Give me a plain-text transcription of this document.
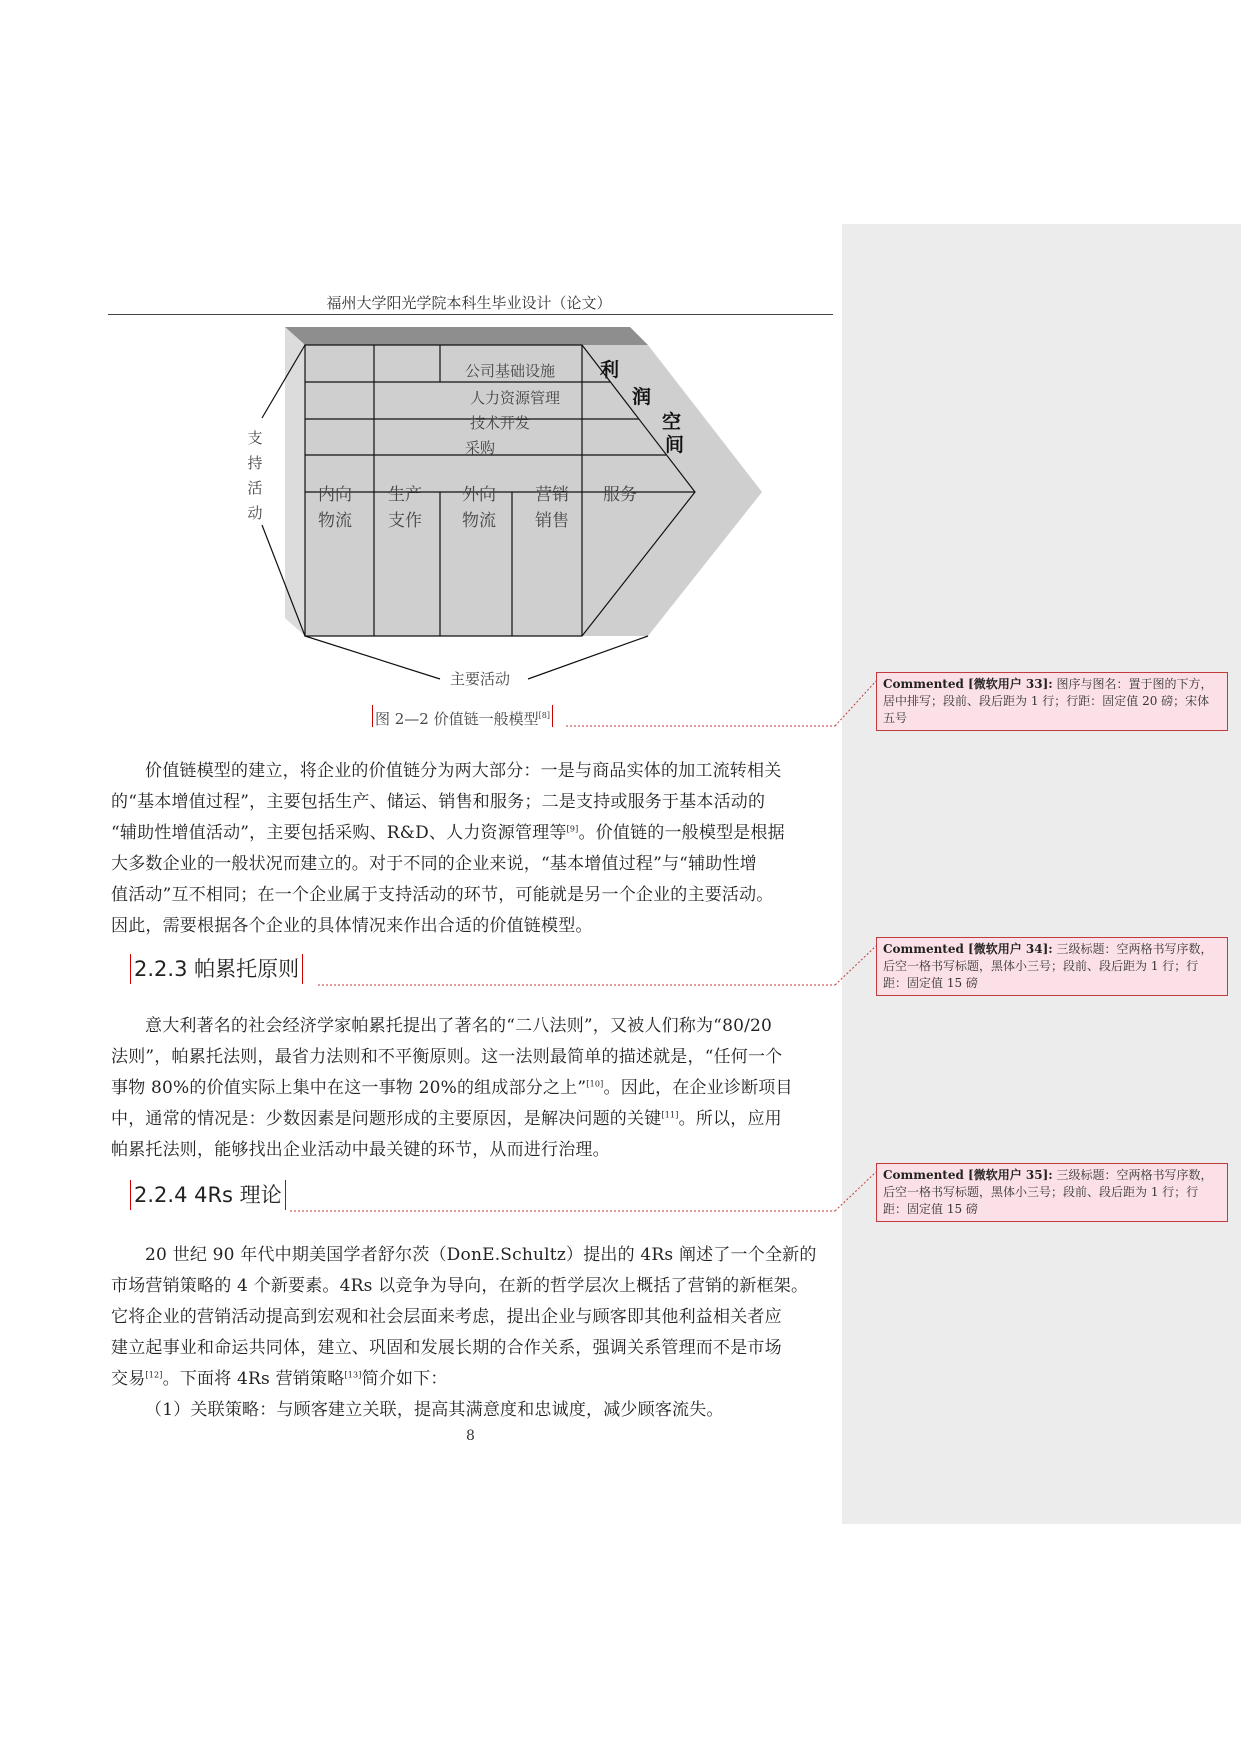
福州大学阳光学院本科生毕业设计（论文）
支
持
活
动
主要活动
公司基础设施
人力资源管理
技术开发
采购
内向
物流
生产
支作
外向
物流
营销
销售
服务
利
润
空
间
图 2—2 价值链一般模型[8]
价值链模型的建立，将企业的价值链分为两大部分：一是与商品实体的加工流转相关
的“基本增值过程”，主要包括生产、储运、销售和服务；二是支持或服务于基本活动的
“辅助性增值活动”，主要包括采购、R&D、人力资源管理等[9]。价值链的一般模型是根据
大多数企业的一般状况而建立的。对于不同的企业来说，“基本增值过程”与“辅助性增
值活动”互不相同；在一个企业属于支持活动的环节，可能就是另一个企业的主要活动。
因此，需要根据各个企业的具体情况来作出合适的价值链模型。
2.2.3 帕累托原则
意大利著名的社会经济学家帕累托提出了著名的“二八法则”，又被人们称为“80/20
法则”，帕累托法则，最省力法则和不平衡原则。这一法则最简单的描述就是，“任何一个
事物 80%的价值实际上集中在这一事物 20%的组成部分之上”[10]。因此，在企业诊断项目
中，通常的情况是：少数因素是问题形成的主要原因，是解决问题的关键[11]。所以，应用
帕累托法则，能够找出企业活动中最关键的环节，从而进行治理。
2.2.4 4Rs 理论
20 世纪 90 年代中期美国学者舒尔茨（DonE.Schultz）提出的 4Rs 阐述了一个全新的
市场营销策略的 4 个新要素。4Rs 以竞争为导向，在新的哲学层次上概括了营销的新框架。
它将企业的营销活动提高到宏观和社会层面来考虑，提出企业与顾客即其他利益相关者应
建立起事业和命运共同体，建立、巩固和发展长期的合作关系，强调关系管理而不是市场
交易[12]。下面将 4Rs 营销策略[13]简介如下：
（1）关联策略：与顾客建立关联，提高其满意度和忠诚度，减少顾客流失。
8
Commented [微软用户 33]: 图序与图名：置于图的下方，居中排写；段前、段后距为 1 行；行距：固定值 20 磅；宋体五号
Commented [微软用户 34]: 三级标题：空两格书写序数，后空一格书写标题，黑体小三号；段前、段后距为 1 行；行距：固定值 15 磅
Commented [微软用户 35]: 三级标题：空两格书写序数，后空一格书写标题，黑体小三号；段前、段后距为 1 行；行距：固定值 15 磅
